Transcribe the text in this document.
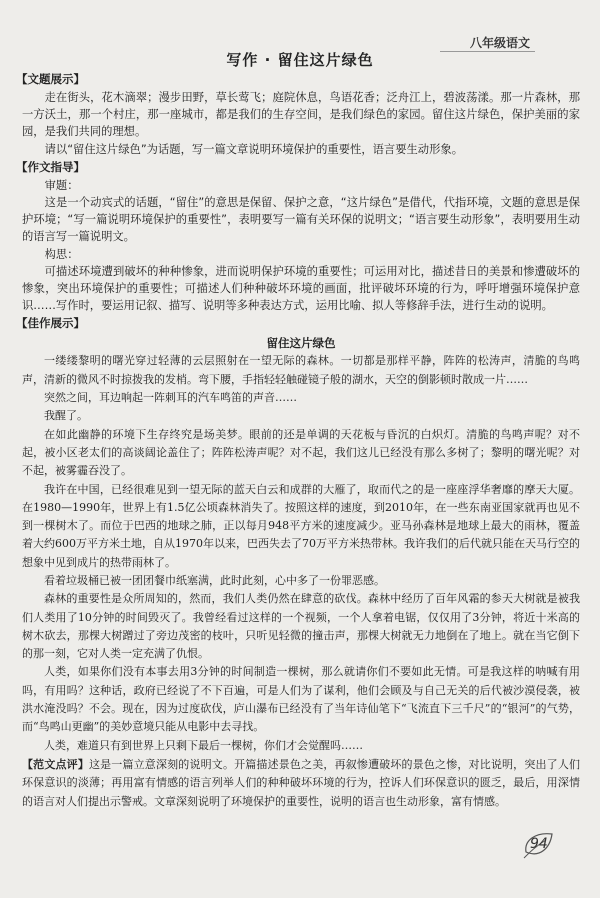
八年级语文
写作 · 留住这片绿色
【文题展示】

走在街头，花木滴翠；漫步田野，草长莺飞；庭院休息，鸟语花香；泛舟江上，碧波荡漾。那一片森林，那一方沃土，那一个村庄，那一座城市，都是我们的生存空间，是我们绿色的家园。留住这片绿色，保护美丽的家园，是我们共同的理想。

请以“留住这片绿色”为话题，写一篇文章说明环境保护的重要性，语言要生动形象。

【作文指导】

审题：

这是一个动宾式的话题，“留住”的意思是保留、保护之意，“这片绿色”是借代，代指环境，文题的意思是保护环境；“写一篇说明环境保护的重要性”，表明要写一篇有关环保的说明文；“语言要生动形象”，表明要用生动的语言写一篇说明文。

构思：

可描述环境遭到破坏的种种惨象，进而说明保护环境的重要性；可运用对比，描述昔日的美景和惨遭破坏的惨象，突出环境保护的重要性；可描述人们种种破坏环境的画面，批评破坏环境的行为，呼吁增强环境保护意识……写作时，要运用记叙、描写、说明等多种表达方式，运用比喻、拟人等修辞手法，进行生动的说明。

【佳作展示】
留住这片绿色

一缕缕黎明的曙光穿过轻薄的云层照射在一望无际的森林。一切都是那样平静，阵阵的松涛声，清脆的鸟鸣声，清新的微风不时掠拨我的发梢。弯下腰，手指轻轻触碰镜子般的湖水，天空的倒影顿时散成一片……

突然之间，耳边响起一阵刺耳的汽车鸣笛的声音……

我醒了。

在如此幽静的环境下生存终究是场美梦。眼前的还是单调的天花板与昏沉的白炽灯。清脆的鸟鸣声呢？对不起，被小区老太们的高谈阔论盖住了；阵阵松涛声呢？对不起，我们这儿已经没有那么多树了；黎明的曙光呢？对不起，被雾霾吞没了。

我许在中国，已经很难见到一望无际的蓝天白云和成群的大雁了，取而代之的是一座座浮华奢靡的摩天大厦。在1980—1990年，世界上有1.5亿公顷森林消失了。按照这样的速度，到2010年，在一些东南亚国家就再也见不到一棵树木了。而位于巴西的地球之肺，正以每月948平方米的速度减少。亚马孙森林是地球上最大的雨林，覆盖着大约600万平方米土地，自从1970年以来，巴西失去了70万平方米热带林。我许我们的后代就只能在天马行空的想象中见到成片的热带雨林了。

看着垃圾桶已被一团团餐巾纸塞满，此时此刻，心中多了一份罪恶感。

森林的重要性是众所周知的，然而，我们人类仍然在肆意的砍伐。森林中经历了百年风霜的参天大树就是被我们人类用了10分钟的时间毁灭了。我曾经看过这样的一个视频，一个人拿着电锯，仅仅用了3分钟，将近十米高的树木砍去，那棵大树蹭过了旁边茂密的枝叶，只听见轻微的撞击声，那棵大树就无力地倒在了地上。就在当它倒下的那一刻，它对人类一定充满了仇恨。

人类，如果你们没有本事去用3分钟的时间制造一棵树，那么就请你们不要如此无情。可是我这样的呐喊有用吗，有用吗？这种话，政府已经说了不下百遍，可是人们为了谋利，他们会顾及与自己无关的后代被沙漠侵袭，被洪水淹没吗？不会。现在，因为过度砍伐，庐山瀑布已经没有了当年诗仙笔下“飞流直下三千尺”的“银河”的气势，而“鸟鸣山更幽”的美妙意境只能从电影中去寻找。

人类，难道只有到世界上只剩下最后一棵树，你们才会觉醒吗……

【范文点评】这是一篇立意深刻的说明文。开篇描述景色之美，再叙惨遭破坏的景色之惨，对比说明，突出了人们环保意识的淡薄；再用富有情感的语言列举人们的种种破坏环境的行为，控诉人们环保意识的匮乏，最后，用深情的语言对人们提出示警戒。文章深刻说明了环境保护的重要性，说明的语言也生动形象，富有情感。

94
